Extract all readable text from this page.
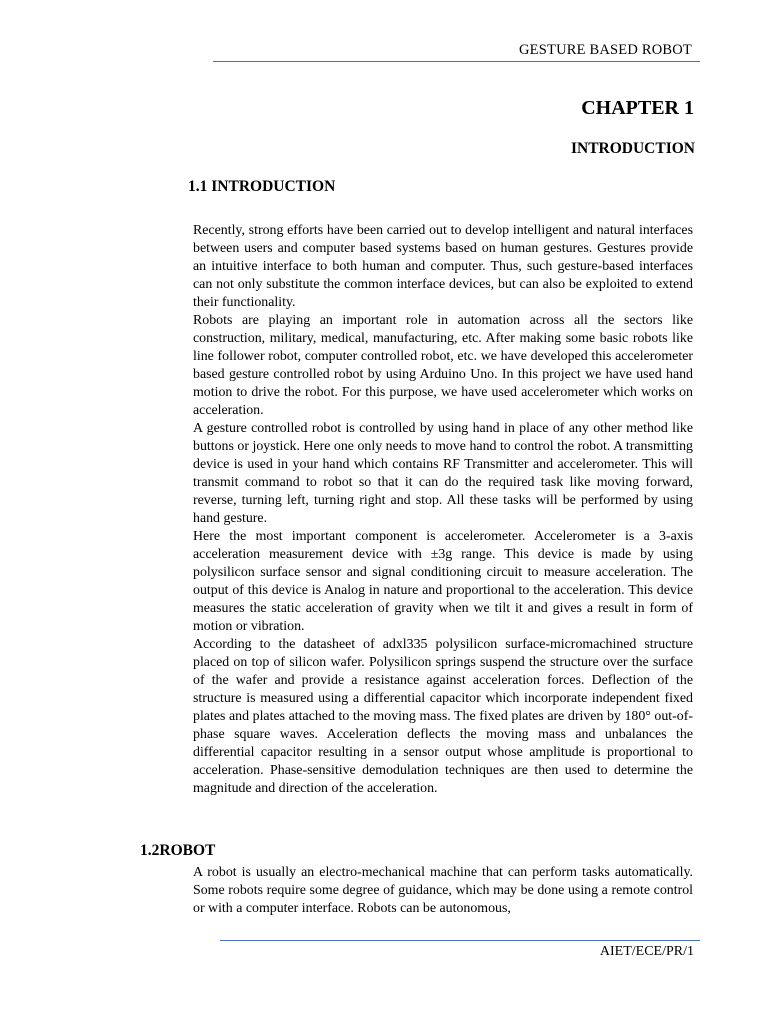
GESTURE BASED ROBOT
CHAPTER 1
INTRODUCTION
1.1 INTRODUCTION

Recently, strong efforts have been carried out to develop intelligent and natural interfaces between users and computer based systems based on human gestures. Gestures provide an intuitive interface to both human and computer. Thus, such gesture-based interfaces can not only substitute the common interface devices, but can also be exploited to extend their functionality.

Robots are playing an important role in automation across all the sectors like construction, military, medical, manufacturing, etc. After making some basic robots like line follower robot, computer controlled robot, etc. we have developed this accelerometer based gesture controlled robot by using Arduino Uno. In this project we have used hand motion to drive the robot. For this purpose, we have used accelerometer which works on acceleration.

A gesture controlled robot is controlled by using hand in place of any other method like buttons or joystick. Here one only needs to move hand to control the robot. A transmitting device is used in your hand which contains RF Transmitter and accelerometer. This will transmit command to robot so that it can do the required task like moving forward, reverse, turning left, turning right and stop. All these tasks will be performed by using hand gesture.

Here the most important component is accelerometer. Accelerometer is a 3-axis acceleration measurement device with ±3g range. This device is made by using polysilicon surface sensor and signal conditioning circuit to measure acceleration. The output of this device is Analog in nature and proportional to the acceleration. This device measures the static acceleration of gravity when we tilt it and gives a result in form of motion or vibration.

According to the datasheet of adxl335 polysilicon surface-micromachined structure placed on top of silicon wafer. Polysilicon springs suspend the structure over the surface of the wafer and provide a resistance against acceleration forces. Deflection of the structure is measured using a differential capacitor which incorporate independent fixed plates and plates attached to the moving mass. The fixed plates are driven by 180° out-of-phase square waves. Acceleration deflects the moving mass and unbalances the differential capacitor resulting in a sensor output whose amplitude is proportional to acceleration. Phase-sensitive demodulation techniques are then used to determine the magnitude and direction of the acceleration.

1.2ROBOT

A robot is usually an electro-mechanical machine that can perform tasks automatically. Some robots require some degree of guidance, which may be done using a remote control or with a computer interface. Robots can be autonomous,

AIET/ECE/PR/1
